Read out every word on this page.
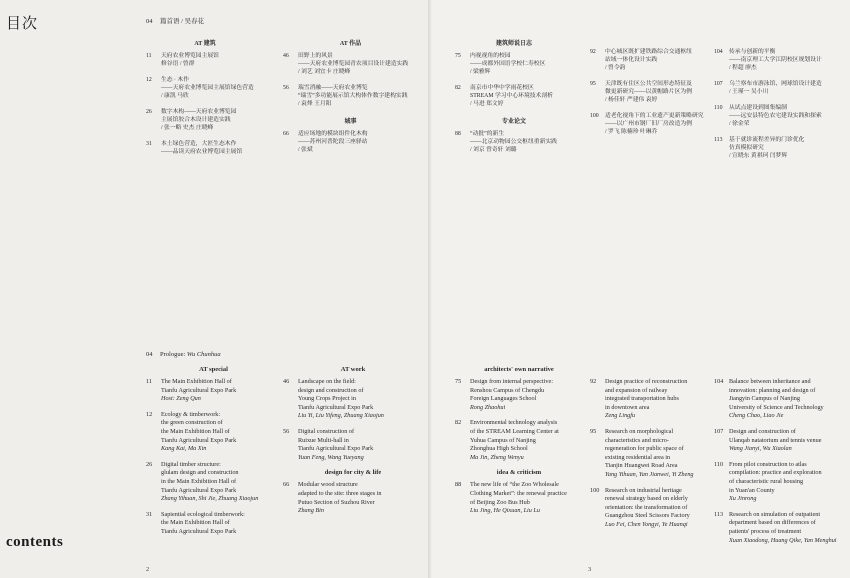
目次
contents
04 篇首语 / 吴春花
04 Prologue: Wu Chunhua
AT 建筑
11	天府农业博览园主展馆
修谷语 / 曾群
12	生态 · 木作
——天府农业博览园主展馆绿色营造
/ 康凯 马欣
26	数字木构——天府农业博览园
主展馆胶合木设计建造实践
/ 张一略 史杰 庄晓峰
31	本土绿色营造，大匠生态木作
——品读天府农业博览园主展馆
AT 作品
46	田野上的风景
——天府农业博览园青农项目设计建造实践
/ 刘艺 刘宜卡 庄晓峰
56	瑞雪消融——天府农业博览
“瑞雪”多功能展示馆大构体作数字建构实践
/ 袁烽 王月阳
城事
66	适应场地的模块组件化木构
——苏州河普陀段三座驿站
/ 张斌
建筑师说日志
75	内视视角的校园
——成都外国语学校仁寿校区
/ 梁雅辉
82	南京市中华中学雨花校区
STREAM 学习中心环境技术剖析
/ 马进 郑文婷
专业论文
88	“动批”的新生
——北京动物园公交枢纽重新实践
/ 刘京 曾奇轩 刘璐
92	中心城区既扩建铁路综合交通枢纽
站域一体化设计实践
/ 曾令韵
95	天津既有住区公共空间形态特征及
微更新研究——以黄帽路片区为例
/ 杨佳轩 严建伟 袁婷
100	适老化视角下的工业遗产更新策略研究
——以广州市钢厂旧厂房改造为例
/ 罗飞 陈楠珍 叶琳乔
104	传承与创新的平衡
——南京理工大学江阴校区规划设计
/ 程超 廖杰
107	乌兰察布市游泳馆、网球馆设计建造
/ 王瑾一 吴小川
110	从试点建设到图集编制
——远安县特色农宅建设实践和探索
/ 徐金荣
113	基于就诊流程差异的门诊优化
仿真模拟研究
/ 宣晓东 黄祺珂 闫梦辉
AT special
11	The Main Exhibition Hall of
Tianfu Agricultural Expo Park
Host: Zeng Qun
12	Ecology & timberwork:
the green construction of
the Main Exhibition Hall of
Tianfu Agricultural Expo Park
Kang Kai, Ma Xin
26	Digital timber structure:
glulam design and construction
in the Main Exhibition Hall of
Tianfu Agricultural Expo Park
Zhang Yihuan, Shi Jie, Zhuang Xiaojun
31	Sapiential ecological timberwork:
the Main Exhibition Hall of
Tianfu Agricultural Expo Park
AT work
46	Landscape on the field:
design and construction of
Young Crops Project in
Tianfu Agricultural Expo Park
Liu Yi, Liu Yifeng, Zhuang Xiaojun
56	Digital construction of
Ruixue Multi-hall in
Tianfu Agricultural Expo Park
Yuan Feng, Wang Yueyang
design for city & life
66	Modular wood structure
adapted to the site: three stages in
Putuo Section of Suzhou River
Zhang Bin
architects' own narrative
75	Design from internal perspective:
Renshou Campus of Chengdu
Foreign Languages School
Rong Zhaohui
82	Environmental technology analysis
of the STREAM Learning Center at
Yuhua Campus of Nanjing
Zhonghua High School
Ma Jin, Zheng Wenyu
idea & criticism
88	The new life of “the Zoo Wholesale
Clothing Market”: the renewal practice
of Beijing Zoo Bus Hub
Liu Jing, He Qixuan, Liu Lu
92	Design practice of reconstruction
and expansion of railway
integrated transportation hubs
in downtown area
Zeng Lingfu
95	Research on morphological
characteristics and micro-
regeneration for public space of
existing residential area in
Tianjin Huangwei Road Area
Yang Yihuan, Yan Jianwei, Yi Zheng
100 Research on industrial heritage
renewal strategy based on elderly
orientation: the transformation of
Guangzhou Steel Scissors Factory
Luo Fei, Chen Yongyi, Ye Huanqi
104 Balance between inheritance and
innovation: planning and design of
Jiangyin Campus of Nanjing
University of Science and Technology
Cheng Chao, Liao Jie
107 Design and construction of
Ulanqab natatorium and tennis venue
Wang Jianyi, Wu Xiaolan
110 From pilot construction to atlas
compilation: practice and exploration
of characteristic rural housing
in Yuan'an County
Xu Jinrong
113 Research on simulation of outpatient
department based on differences of
patients' process of treatment
Xuan Xiaodong, Huang Qike, Yan Menghui
2	3
